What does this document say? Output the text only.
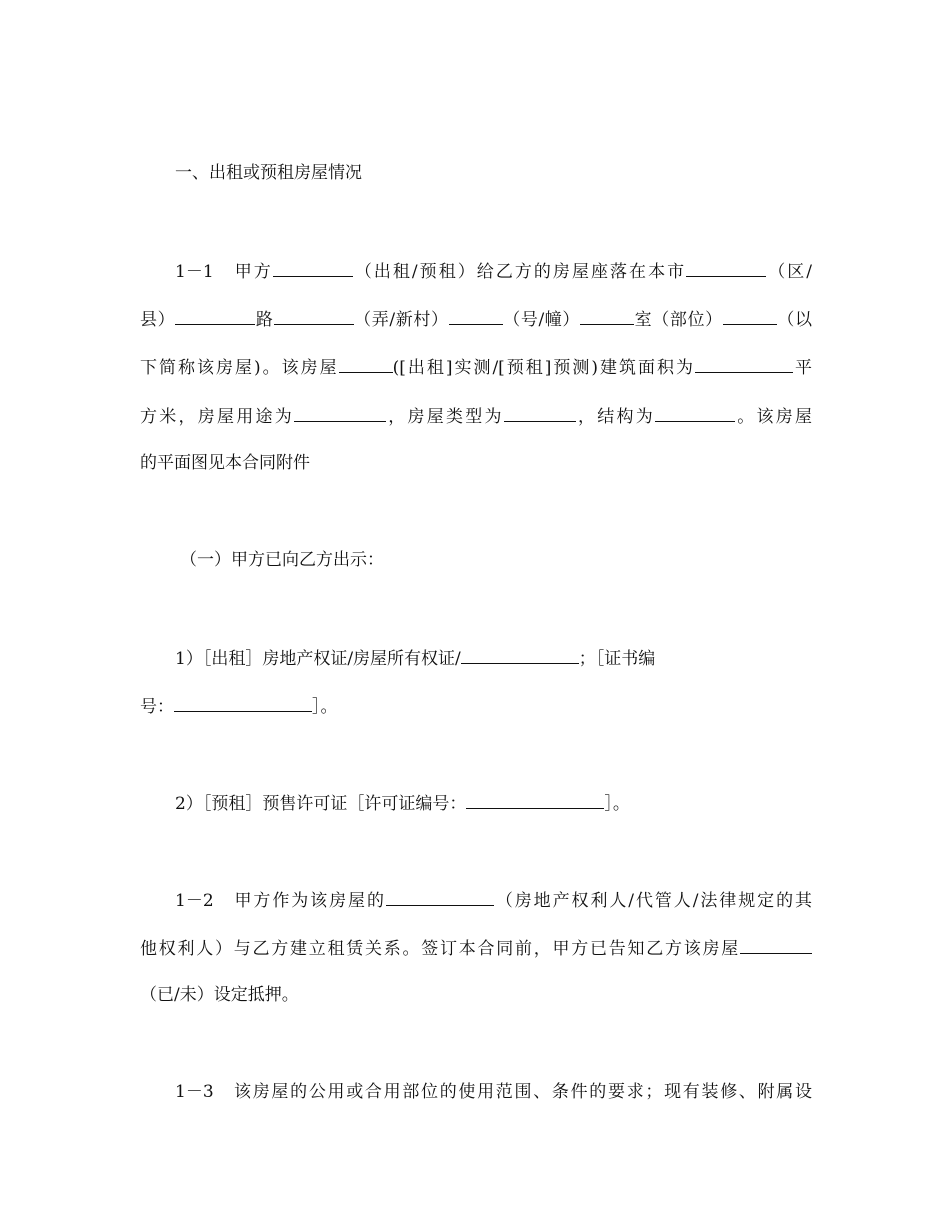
一、出租或预租房屋情况
1－1　甲方	（出租/预租）给乙方的房屋座落在本市	（区/
县）	路	（弄/新村）	（号/幢）	室（部位）	（以
下简称该房屋)。该房屋	([出租]实测/[预租]预测)建筑面积为	平
方米，房屋用途为	，房屋类型为	，结构为	。该房屋
的平面图见本合同附件
（一）甲方已向乙方出示：
1）［出租］房地产权证/房屋所有权证/	；［证书编
号：	］。
2）［预租］预售许可证［许可证编号：	］。
1－2　甲方作为该房屋的	（房地产权利人/代管人/法律规定的其
他权利人）与乙方建立租赁关系。签订本合同前，甲方已告知乙方该房屋
（已/未）设定抵押。
1－3　该房屋的公用或合用部位的使用范围、条件的要求；现有装修、附属设
